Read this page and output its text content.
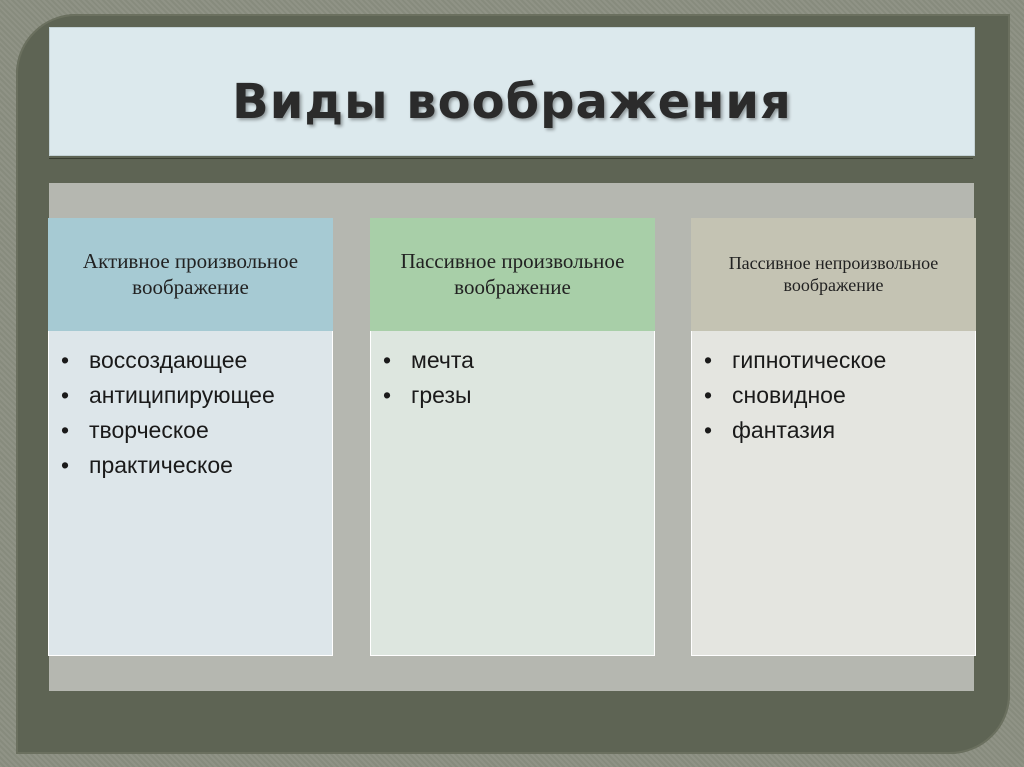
Виды воображения
Активное произвольное воображение
• воссоздающее
• антиципирующее
• творческое
• практическое
Пассивное произвольное воображение
• мечта
• грезы
Пассивное непроизвольное воображение
• гипнотическое
• сновидное
• фантазия
